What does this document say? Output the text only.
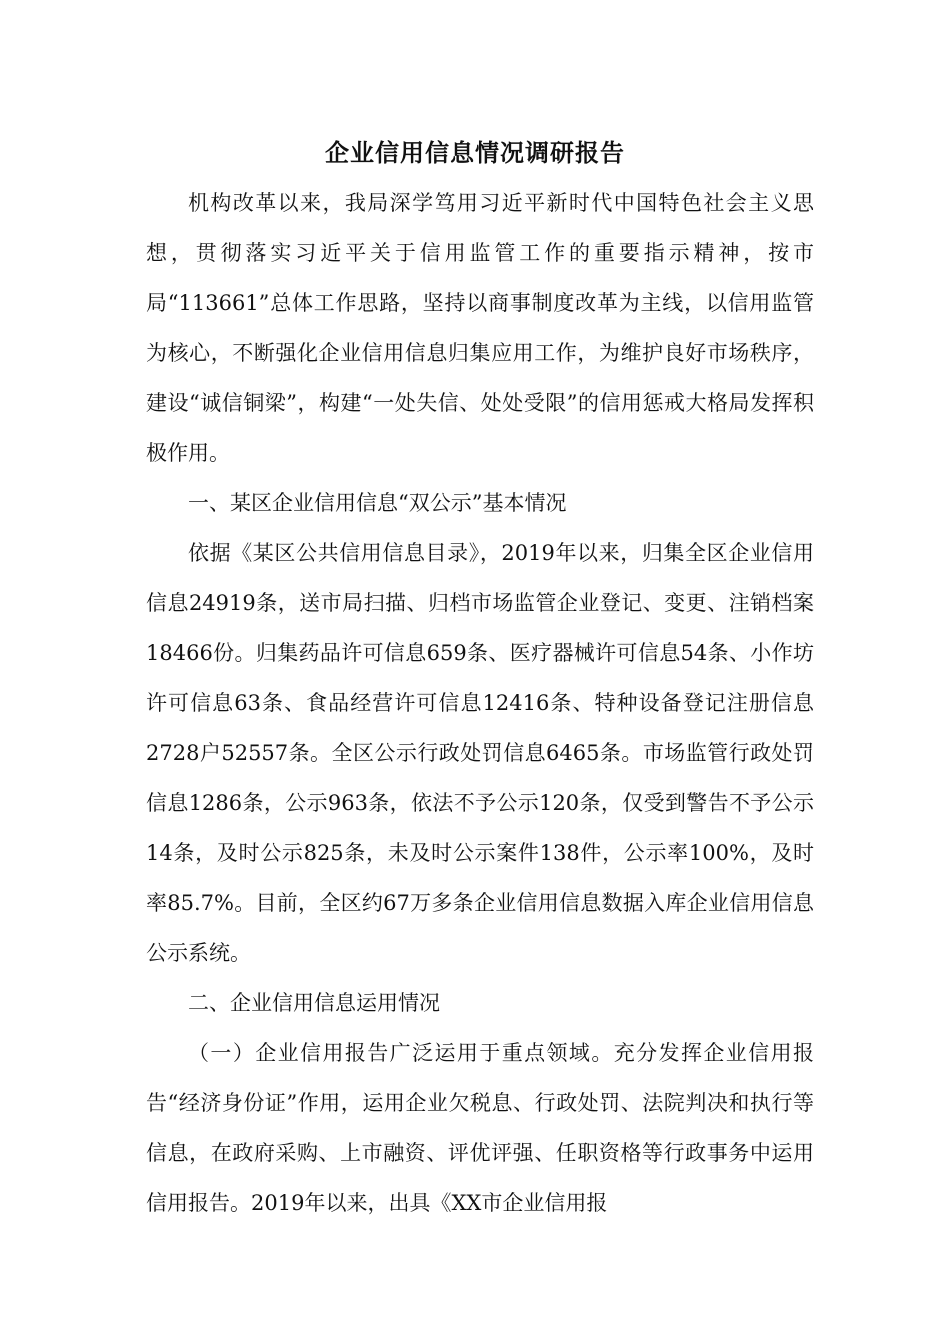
企业信用信息情况调研报告

机构改革以来，我局深学笃用习近平新时代中国特色社会主义思想，贯彻落实习近平关于信用监管工作的重要指示精神，按市局“113661”总体工作思路，坚持以商事制度改革为主线，以信用监管为核心，不断强化企业信用信息归集应用工作，为维护良好市场秩序，建设“诚信铜梁”，构建“一处失信、处处受限”的信用惩戒大格局发挥积极作用。

一、某区企业信用信息“双公示”基本情况

依据《某区公共信用信息目录》，2019年以来，归集全区企业信用信息24919条，送市局扫描、归档市场监管企业登记、变更、注销档案18466份。归集药品许可信息659条、医疗器械许可信息54条、小作坊许可信息63条、食品经营许可信息12416条、特种设备登记注册信息2728户52557条。全区公示行政处罚信息6465条。市场监管行政处罚信息1286条，公示963条，依法不予公示120条，仅受到警告不予公示14条，及时公示825条，未及时公示案件138件，公示率100%，及时率85.7%。目前，全区约67万多条企业信用信息数据入库企业信用信息公示系统。

二、企业信用信息运用情况

（一）企业信用报告广泛运用于重点领域。充分发挥企业信用报告“经济身份证”作用，运用企业欠税息、行政处罚、法院判决和执行等信息，在政府采购、上市融资、评优评强、任职资格等行政事务中运用信用报告。2019年以来，出具《XX市企业信用报
